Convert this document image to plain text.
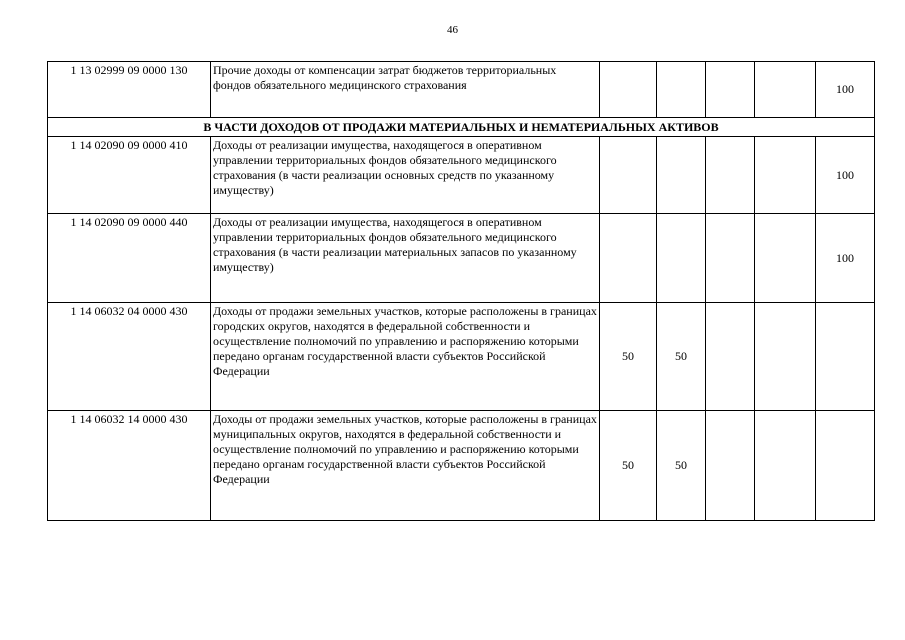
46
1 13 02999 09 0000 130	Прочие доходы от компенсации затрат бюджетов территориальных фондов обязательного медицинского страхования					100
В ЧАСТИ ДОХОДОВ ОТ ПРОДАЖИ МАТЕРИАЛЬНЫХ И НЕМАТЕРИАЛЬНЫХ АКТИВОВ						
1 14 02090 09 0000 410	Доходы от реализации имущества, находящегося в оперативном управлении территориальных фондов обязательного медицинского страхования (в части реализации основных средств по указанному имуществу)					100
1 14 02090 09 0000 440	Доходы от реализации имущества, находящегося в оперативном управлении территориальных фондов обязательного медицинского страхования (в части реализации материальных запасов по указанному имуществу)					100
1 14 06032 04 0000 430	Доходы от продажи земельных участков, которые расположены в границах городских округов, находятся в федеральной собственности и осуществление полномочий по управлению и распоряжению которыми передано органам государственной власти субъектов Российской Федерации	50	50			
1 14 06032 14 0000 430	Доходы от продажи земельных участков, которые расположены в границах муниципальных округов, находятся в федеральной собственности и осуществление полномочий по управлению и распоряжению которыми передано органам государственной власти субъектов Российской Федерации	50	50			
